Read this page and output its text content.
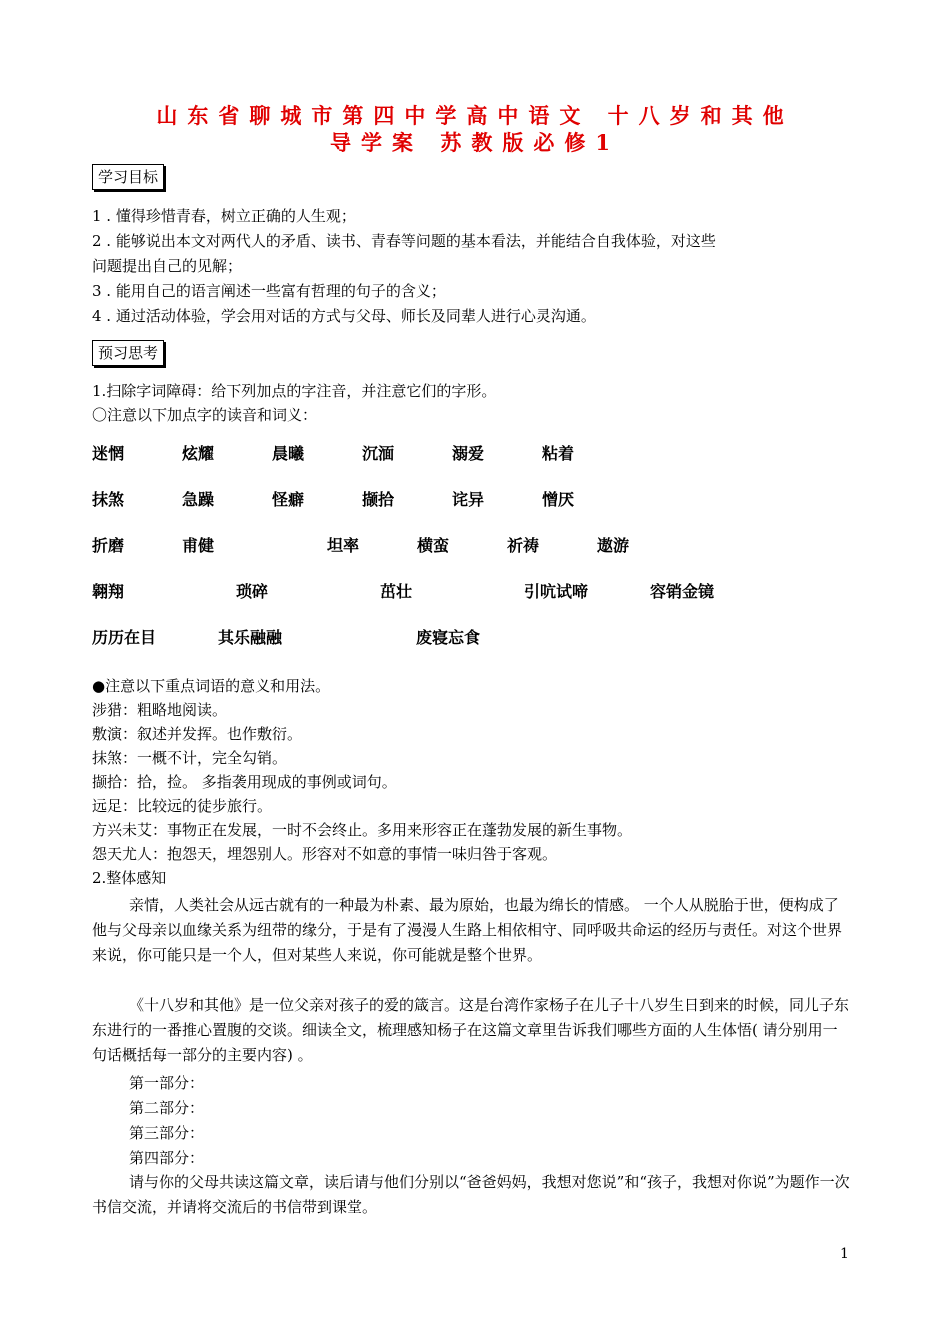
山东省聊城市第四中学高中语文 十八岁和其他
导学案 苏教版必修1
学习目标
1 . 懂得珍惜青春，树立正确的人生观；
2 . 能够说出本文对两代人的矛盾、读书、青春等问题的基本看法，并能结合自我体验，对这些
问题提出自己的见解；
3 . 能用自己的语言阐述一些富有哲理的句子的含义；
4 . 通过活动体验，学会用对话的方式与父母、师长及同辈人进行心灵沟通。
预习思考
1.扫除字词障碍：给下列加点的字注音，并注意它们的字形。
〇注意以下加点字的读音和词义：
迷惘	炫耀	晨曦	沉湎	溺爱	粘着
抹煞	急躁	怪癖	撷拾	诧异	憎厌
折磨	甫健	坦率	横蛮	祈祷	遨游
翱翔	琐碎	茁壮	引吭试啼	容销金镜
历历在目	其乐融融	废寝忘食
●注意以下重点词语的意义和用法。
涉猎：粗略地阅读。
敷演：叙述并发挥。也作敷衍。
抹煞：一概不计，完全勾销。
撷拾：拾，捡。 多指袭用现成的事例或词句。
远足：比较远的徒步旅行。
方兴未艾：事物正在发展，一时不会终止。多用来形容正在蓬勃发展的新生事物。
怨天尤人：抱怨天，埋怨别人。形容对不如意的事情一味归咎于客观。
2.整体感知
亲情，人类社会从远古就有的一种最为朴素、最为原始，也最为绵长的情感。 一个人从脱胎于世，便构成了他与父母亲以血缘关系为纽带的缘分，于是有了漫漫人生路上相依相守、同呼吸共命运的经历与责任。对这个世界来说，你可能只是一个人，但对某些人来说，你可能就是整个世界。
《十八岁和其他》是一位父亲对孩子的爱的箴言。这是台湾作家杨子在儿子十八岁生日到来的时候，同儿子东东进行的一番推心置腹的交谈。细读全文，梳理感知杨子在这篇文章里告诉我们哪些方面的人生体悟( 请分别用一句话概括每一部分的主要内容) 。
第一部分：
第二部分：
第三部分：
第四部分：
请与你的父母共读这篇文章，读后请与他们分别以“爸爸妈妈，我想对您说”和“孩子，我想对你说”为题作一次书信交流，并请将交流后的书信带到课堂。
1
